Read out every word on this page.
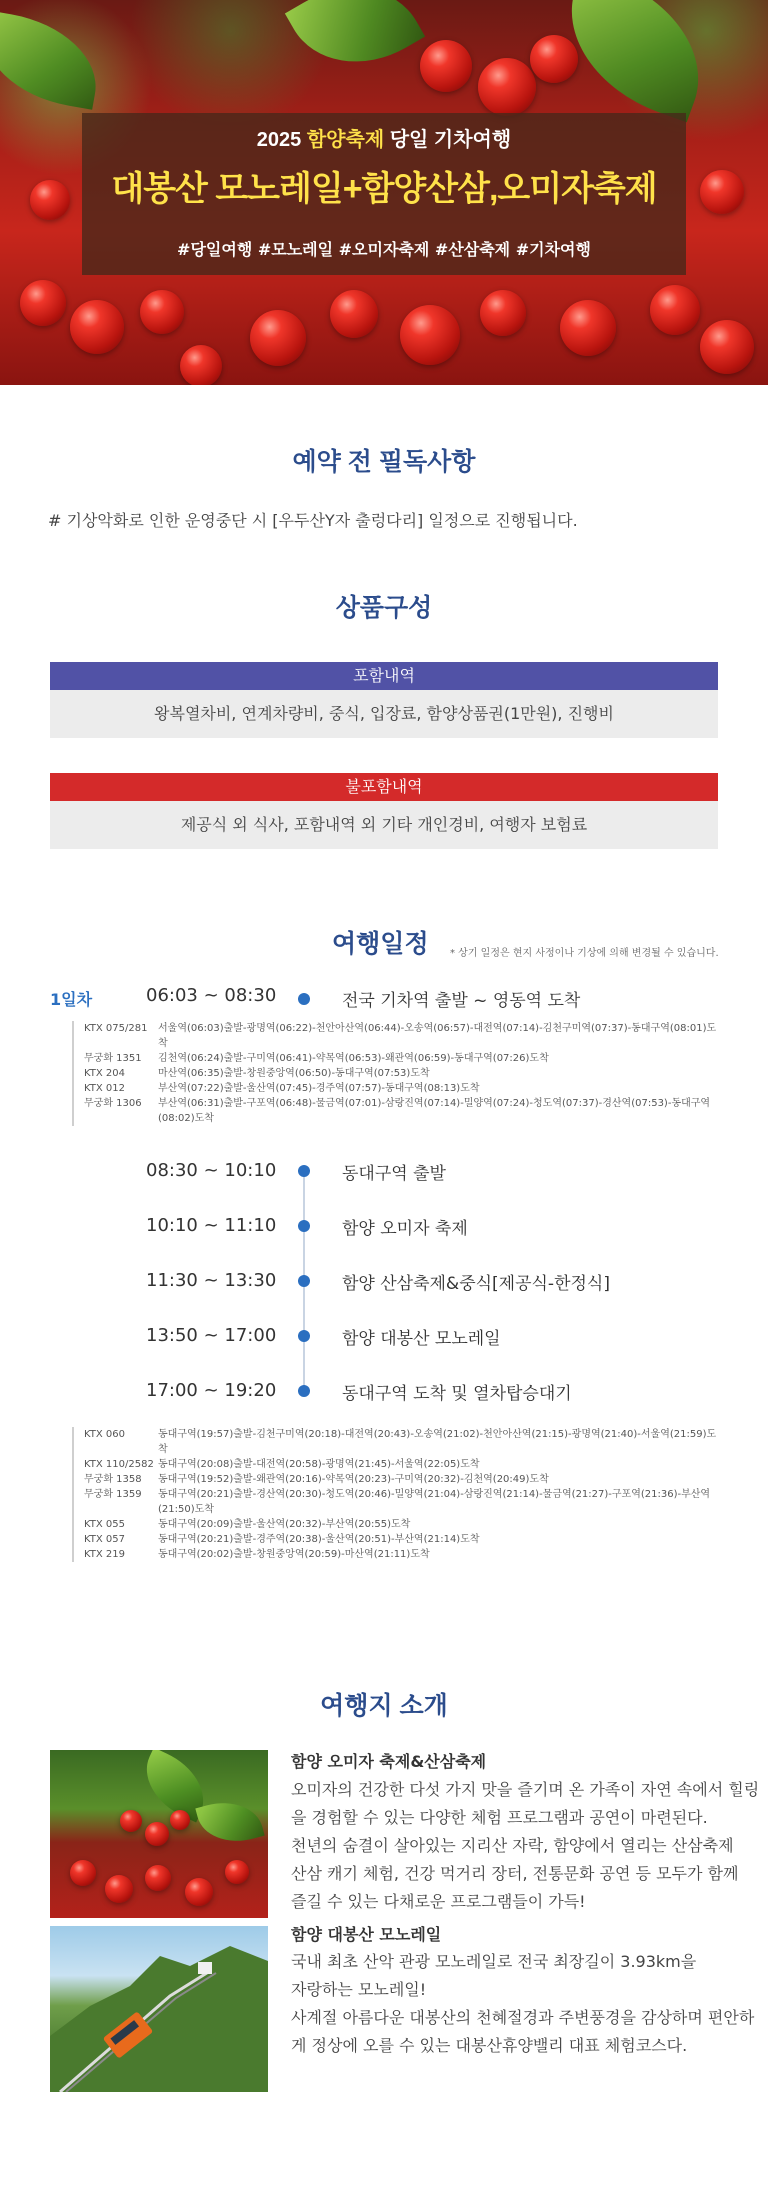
2025 함양축제 당일 기차여행
대봉산 모노레일+함양산삼,오미자축제
#당일여행 #모노레일 #오미자축제 #산삼축제 #기차여행
예약 전 필독사항
# 기상악화로 인한 운영중단 시 [우두산Y자 출렁다리] 일정으로 진행됩니다.
상품구성
포함내역
왕복열차비, 연계차량비, 중식, 입장료, 함양상품권(1만원), 진행비
불포함내역
제공식 외 식사, 포함내역 외 기타 개인경비, 여행자 보험료
여행일정 * 상기 일정은 현지 사정이나 기상에 의해 변경될 수 있습니다.
1일차	06:03 ~ 08:30	전국 기차역 출발 ~ 영동역 도착
KTX 075/281	서울역(06:03)출발-광명역(06:22)-천안아산역(06:44)-오송역(06:57)-대전역(07:14)-김천구미역(07:37)-동대구역(08:01)도착
무궁화 1351	김천역(06:24)출발-구미역(06:41)-약목역(06:53)-왜관역(06:59)-동대구역(07:26)도착
KTX 204	마산역(06:35)출발-창원중앙역(06:50)-동대구역(07:53)도착
KTX 012	부산역(07:22)출발-울산역(07:45)-경주역(07:57)-동대구역(08:13)도착
무궁화 1306	부산역(06:31)출발-구포역(06:48)-물금역(07:01)-삼랑진역(07:14)-밀양역(07:24)-청도역(07:37)-경산역(07:53)-동대구역(08:02)도착
08:30 ~ 10:10	동대구역 출발
10:10 ~ 11:10	함양 오미자 축제
11:30 ~ 13:30	함양 산삼축제&중식[제공식-한정식]
13:50 ~ 17:00	함양 대봉산 모노레일
17:00 ~ 19:20	동대구역 도착 및 열차탑승대기
KTX 060	동대구역(19:57)출발-김천구미역(20:18)-대전역(20:43)-오송역(21:02)-천안아산역(21:15)-광명역(21:40)-서울역(21:59)도착
KTX 110/2582 동대구역(20:08)출발-대전역(20:58)-광명역(21:45)-서울역(22:05)도착
무궁화 1358	동대구역(19:52)출발-왜관역(20:16)-약목역(20:23)-구미역(20:32)-김천역(20:49)도착
무궁화 1359	동대구역(20:21)출발-경산역(20:30)-청도역(20:46)-밀양역(21:04)-삼랑진역(21:14)-물금역(21:27)-구포역(21:36)-부산역(21:50)도착
KTX 055	동대구역(20:09)출발-울산역(20:32)-부산역(20:55)도착
KTX 057	동대구역(20:21)출발-경주역(20:38)-울산역(20:51)-부산역(21:14)도착
KTX 219	동대구역(20:02)출발-창원중앙역(20:59)-마산역(21:11)도착
여행지 소개
함양 오미자 축제&산삼축제
오미자의 건강한 다섯 가지 맛을 즐기며 온 가족이 자연 속에서 힐링
을 경험할 수 있는 다양한 체험 프로그램과 공연이 마련된다.
천년의 숨결이 살아있는 지리산 자락, 함양에서 열리는 산삼축제
산삼 캐기 체험, 건강 먹거리 장터, 전통문화 공연 등 모두가 함께
즐길 수 있는 다채로운 프로그램들이 가득!
함양 대봉산 모노레일
국내 최초 산악 관광 모노레일로 전국 최장길이 3.93km을
자랑하는 모노레일!
사계절 아름다운 대봉산의 천혜절경과 주변풍경을 감상하며 편안하
게 정상에 오를 수 있는 대봉산휴양밸리 대표 체험코스다.
